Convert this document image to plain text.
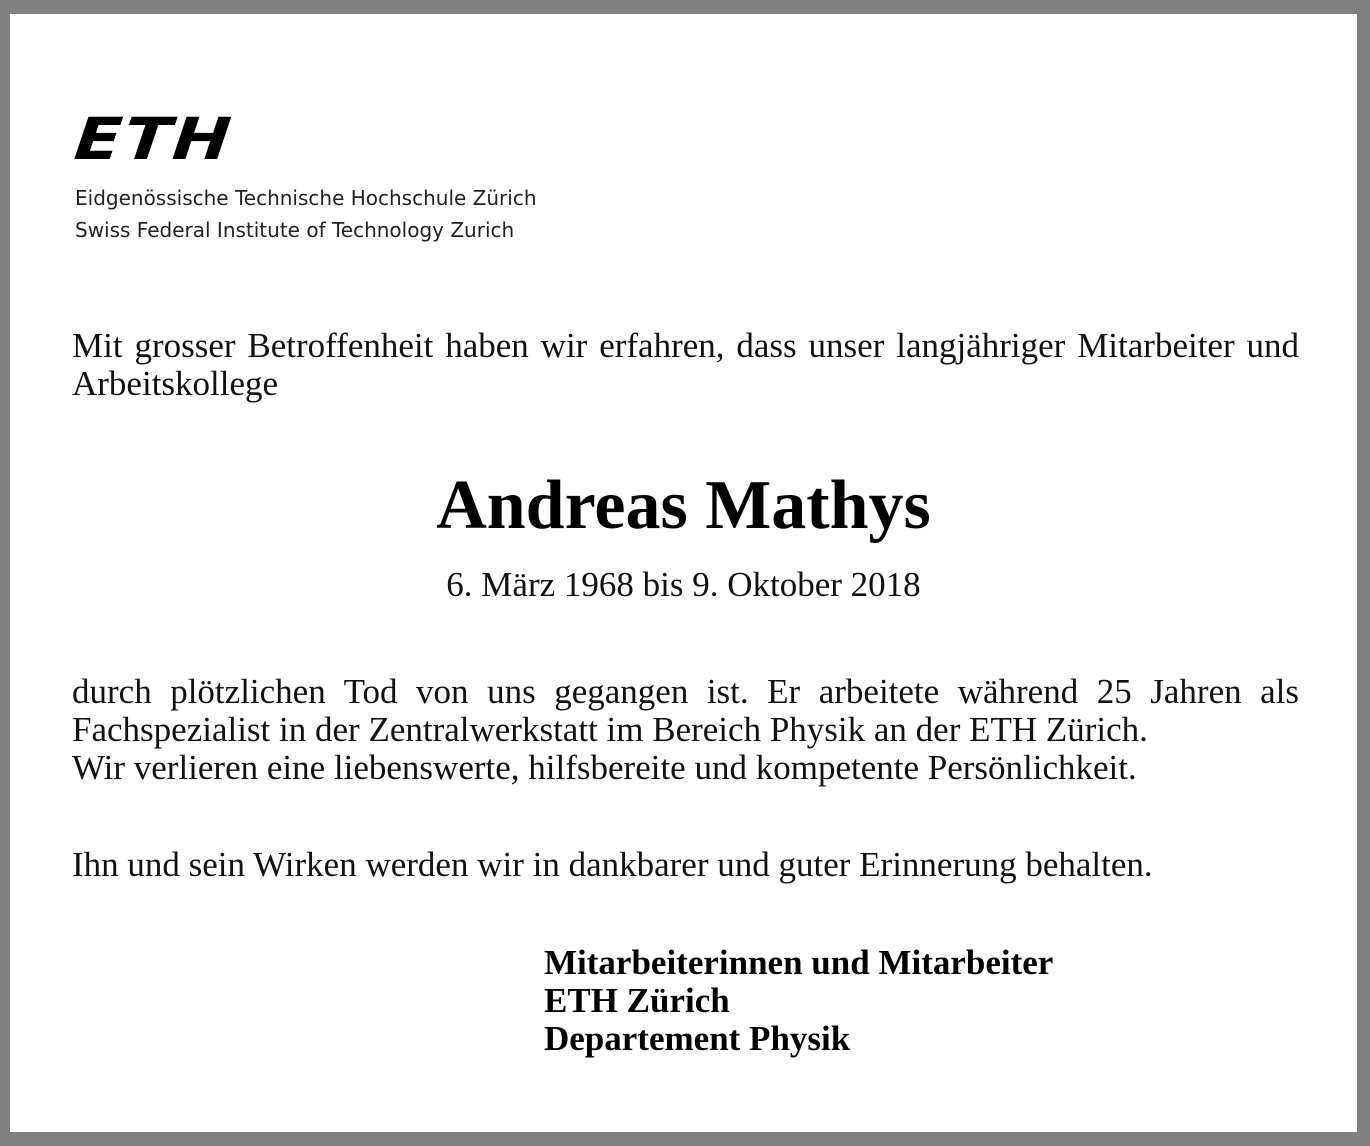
ETH
Eidgenössische Technische Hochschule Zürich
Swiss Federal Institute of Technology Zurich

Mit grosser Betroffenheit haben wir erfahren, dass unser langjähriger Mitarbeiter und Arbeitskollege

Andreas Mathys
6. März 1968 bis 9. Oktober 2018
durch plötzlichen Tod von uns gegangen ist. Er arbeitete während 25 Jahren als
Fachspezialist in der Zentralwerkstatt im Bereich Physik an der ETH Zürich.
Wir verlieren eine liebenswerte, hilfsbereite und kompetente Persönlichkeit.

Ihn und sein Wirken werden wir in dankbarer und guter Erinnerung behalten.

Mitarbeiterinnen und Mitarbeiter
ETH Zürich
Departement Physik
